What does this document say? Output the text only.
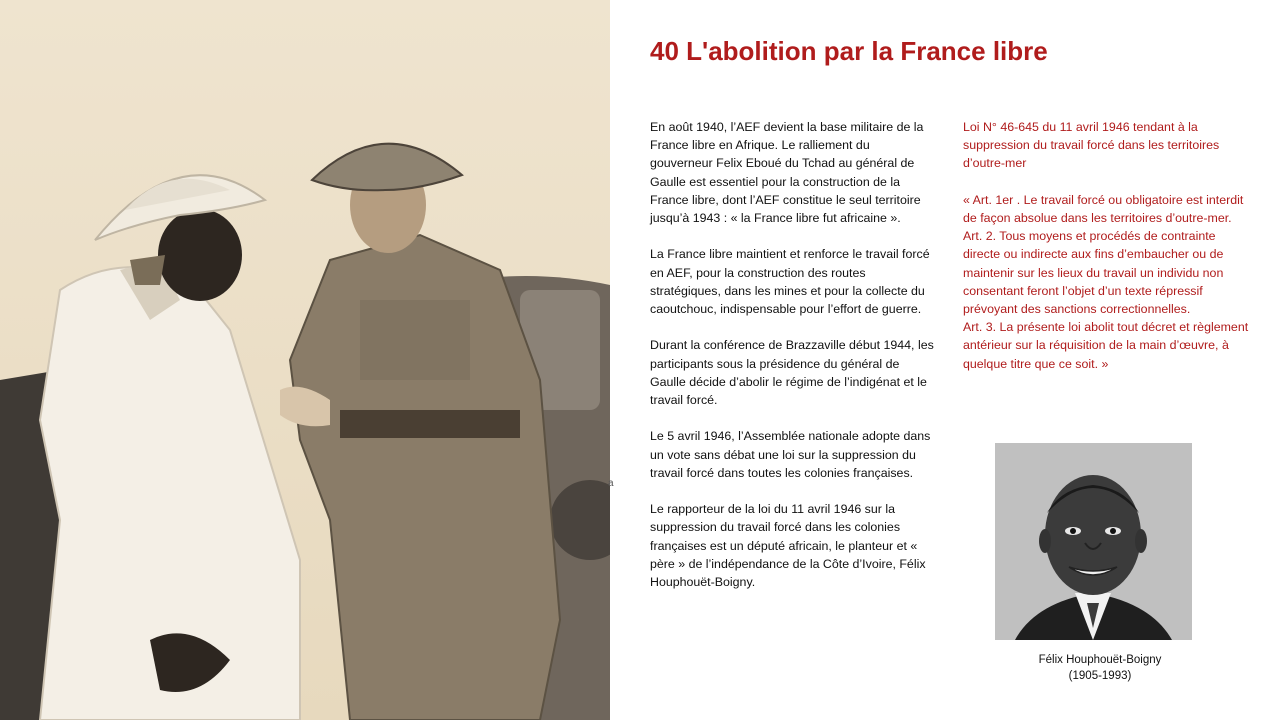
a
40 L'abolition par la France libre

En août 1940, l’AEF devient la base militaire de la France libre en Afrique. Le ralliement du gouverneur Felix Eboué du Tchad au général de Gaulle est essentiel pour la construction de la France libre, dont l’AEF constitue le seul territoire jusqu’à 1943 : « la France libre fut africaine ».

La France libre maintient et renforce le travail forcé en AEF, pour la construction des routes stratégiques, dans les mines et pour la collecte du caoutchouc, indispensable pour l’effort de guerre.

Durant la conférence de Brazzaville début 1944, les participants sous la présidence du général de Gaulle décide d’abolir le régime de l’indigénat et le travail forcé.

Le 5 avril 1946, l’Assemblée nationale adopte dans un vote sans débat une loi sur la suppression du travail forcé dans toutes les colonies françaises.

Le rapporteur de la loi du 11 avril 1946 sur la suppression du travail forcé dans les colonies françaises est un député africain, le planteur et « père » de l’indépendance de la Côte d’Ivoire, Félix Houphouët-Boigny.

Loi N° 46-645 du 11 avril 1946 tendant à la suppression du travail forcé dans les territoires d’outre-mer

« Art. 1er . Le travail forcé ou obligatoire est interdit de façon absolue dans les territoires d’outre-mer.

Art. 2. Tous moyens et procédés de contrainte directe ou indirecte aux fins d’embaucher ou de maintenir sur les lieux du travail un individu non consentant feront l’objet d’un texte répressif prévoyant des sanctions correctionnelles.

Art. 3. La présente loi abolit tout décret et règlement antérieur sur la réquisition de la main d’œuvre, à quelque titre que ce soit. »

Félix Houphouët-Boigny
(1905-1993)
